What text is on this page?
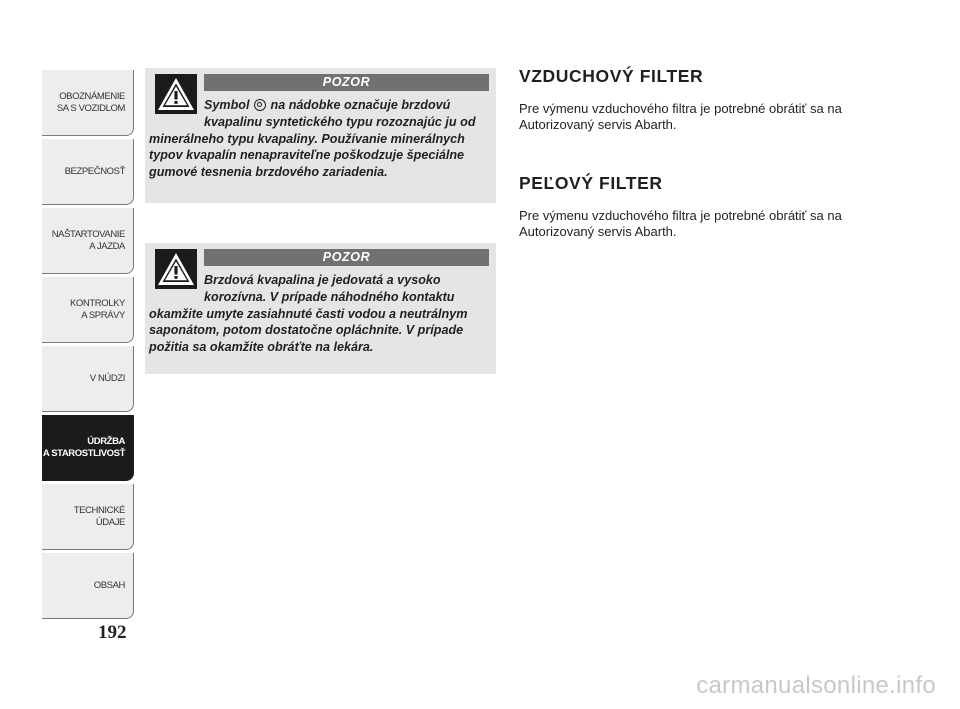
OBOZNÁMENIE
SA S VOZIDLOM
BEZPEČNOSŤ
NAŠTARTOVANIE
A JAZDA
KONTROLKY
A SPRÁVY
V NÚDZI
ÚDRŽBA
A STAROSTLIVOSŤ
TECHNICKÉ
ÚDAJE
OBSAH
192
POZOR
Symbol na nádobke označuje brzdovú kvapalinu syntetického typu rozoznajúc ju od minerálneho typu kvapaliny. Používanie minerálnych typov kvapalín nenapraviteľne poškodzuje špeciálne gumové tesnenia brzdového zariadenia.
POZOR
Brzdová kvapalina je jedovatá a vysoko korozívna. V prípade náhodného kontaktu okamžite umyte zasiahnuté časti vodou a neutrálnym saponátom, potom dostatočne opláchnite. V prípade požitia sa okamžite obráťte na lekára.
VZDUCHOVÝ FILTER

Pre výmenu vzduchového filtra je potrebné obrátiť sa na Autorizovaný servis Abarth.

PEĽOVÝ FILTER

Pre výmenu vzduchového filtra je potrebné obrátiť sa na Autorizovaný servis Abarth.

carmanualsonline.info
